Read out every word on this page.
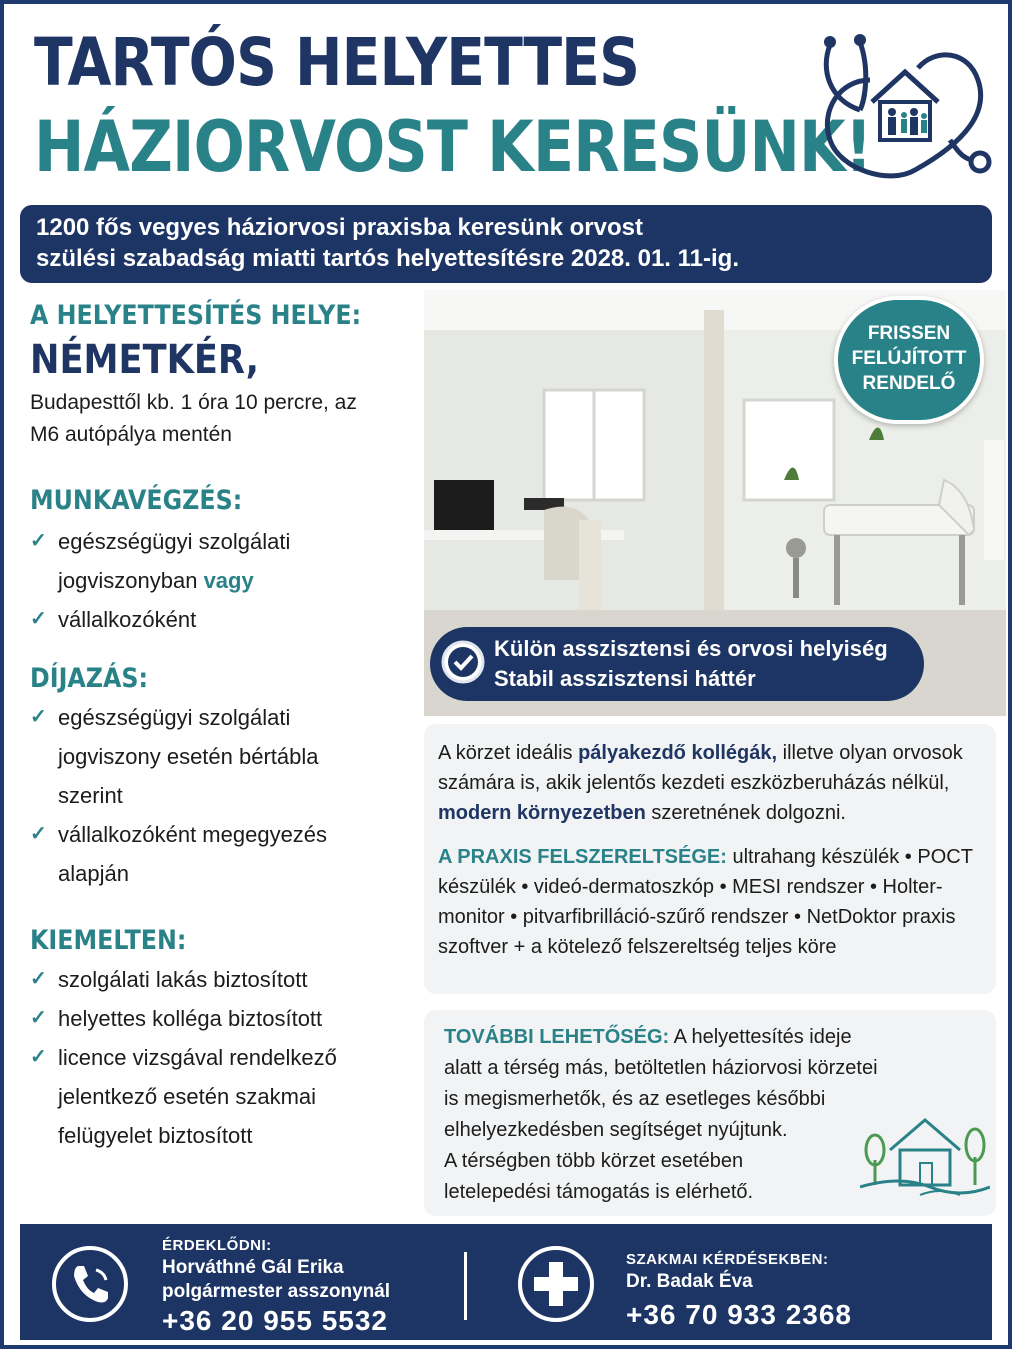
TARTÓS HELYETTES
HÁZIORVOST KERESÜNK!
1200 fős vegyes háziorvosi praxisba keresünk orvost
szülési szabadság miatti tartós helyettesítésre 2028. 01. 11-ig.
A HELYETTESÍTÉS HELYE:
NÉMETKÉR,
Budapesttől kb. 1 óra 10 percre, az
M6 autópálya mentén
MUNKAVÉGZÉS:
✓ egészségügyi szolgálati
jogviszonyban vagy
✓ vállalkozóként
DÍJAZÁS:
✓ egészségügyi szolgálati
jogviszony esetén bértábla
szerint
✓ vállalkozóként megegyezés
alapján
KIEMELTEN:
✓ szolgálati lakás biztosított
✓ helyettes kolléga biztosított
✓ licence vizsgával rendelkező
jelentkező esetén szakmai
felügyelet biztosított
FRISSEN
FELÚJÍTOTT
RENDELŐ
Külön asszisztensi és orvosi helyiség
Stabil asszisztensi háttér
A körzet ideális pályakezdő kollégák, illetve olyan orvosok
számára is, akik jelentős kezdeti eszközberuházás nélkül,
modern környezetben szeretnének dolgozni.
A PRAXIS FELSZERELTSÉGE: ultrahang készülék • POCT
készülék • videó-dermatoszkóp • MESI rendszer • Holter-
monitor • pitvarfibrilláció-szűrő rendszer • NetDoktor praxis
szoftver + a kötelező felszereltség teljes köre
TOVÁBBI LEHETŐSÉG: A helyettesítés ideje
alatt a térség más, betöltetlen háziorvosi körzetei
is megismerhetők, és az esetleges későbbi
elhelyezkedésben segítséget nyújtunk.
A térségben több körzet esetében
letelepedési támogatás is elérhető.
ÉRDEKLŐDNI:
Horváthné Gál Erika
polgármester asszonynál
+36 20 955 5532
SZAKMAI KÉRDÉSEKBEN:
Dr. Badak Éva
+36 70 933 2368
